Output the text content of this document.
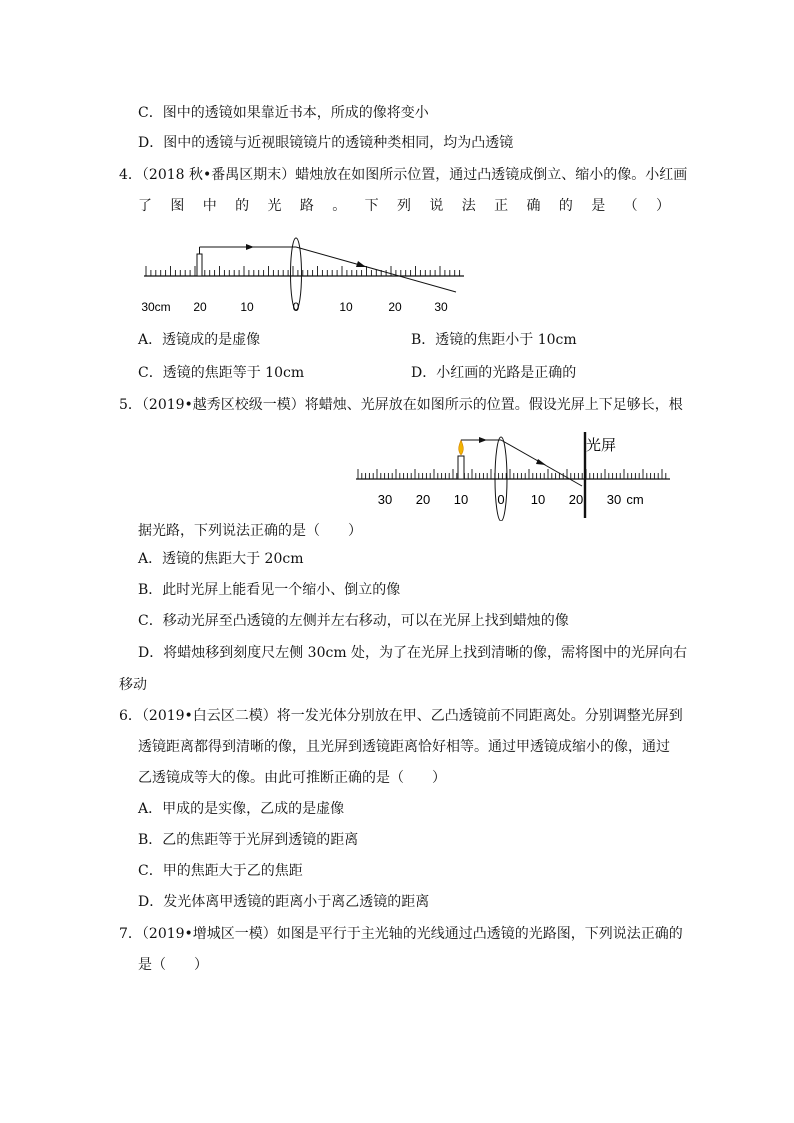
C．图中的透镜如果靠近书本，所成的像将变小
D．图中的透镜与近视眼镜镜片的透镜种类相同，均为凸透镜
4．（2018 秋•番禺区期末）蜡烛放在如图所示位置，通过凸透镜成倒立、缩小的像。小红画
了 图 中 的 光 路 。 下 列 说 法 正 确 的 是 （ ）
30cm 20	10	0	10	20	30
A．透镜成的是虚像	B．透镜的焦距小于 10cm
C．透镜的焦距等于 10cm	D．小红画的光路是正确的
5．（2019•越秀区校级一模）将蜡烛、光屏放在如图所示的位置。假设光屏上下足够长，根
光屏
30 20 10 0 10 20 30 cm
据光路，下列说法正确的是（　　）
A．透镜的焦距大于 20cm
B．此时光屏上能看见一个缩小、倒立的像
C．移动光屏至凸透镜的左侧并左右移动，可以在光屏上找到蜡烛的像
D．将蜡烛移到刻度尺左侧 30cm 处，为了在光屏上找到清晰的像，需将图中的光屏向右
移动
6．（2019•白云区二模）将一发光体分别放在甲、乙凸透镜前不同距离处。分别调整光屏到
透镜距离都得到清晰的像，且光屏到透镜距离恰好相等。通过甲透镜成缩小的像，通过
乙透镜成等大的像。由此可推断正确的是（　　）
A．甲成的是实像，乙成的是虚像
B．乙的焦距等于光屏到透镜的距离
C．甲的焦距大于乙的焦距
D．发光体离甲透镜的距离小于离乙透镜的距离
7．（2019•增城区一模）如图是平行于主光轴的光线通过凸透镜的光路图，下列说法正确的
是（　　）
